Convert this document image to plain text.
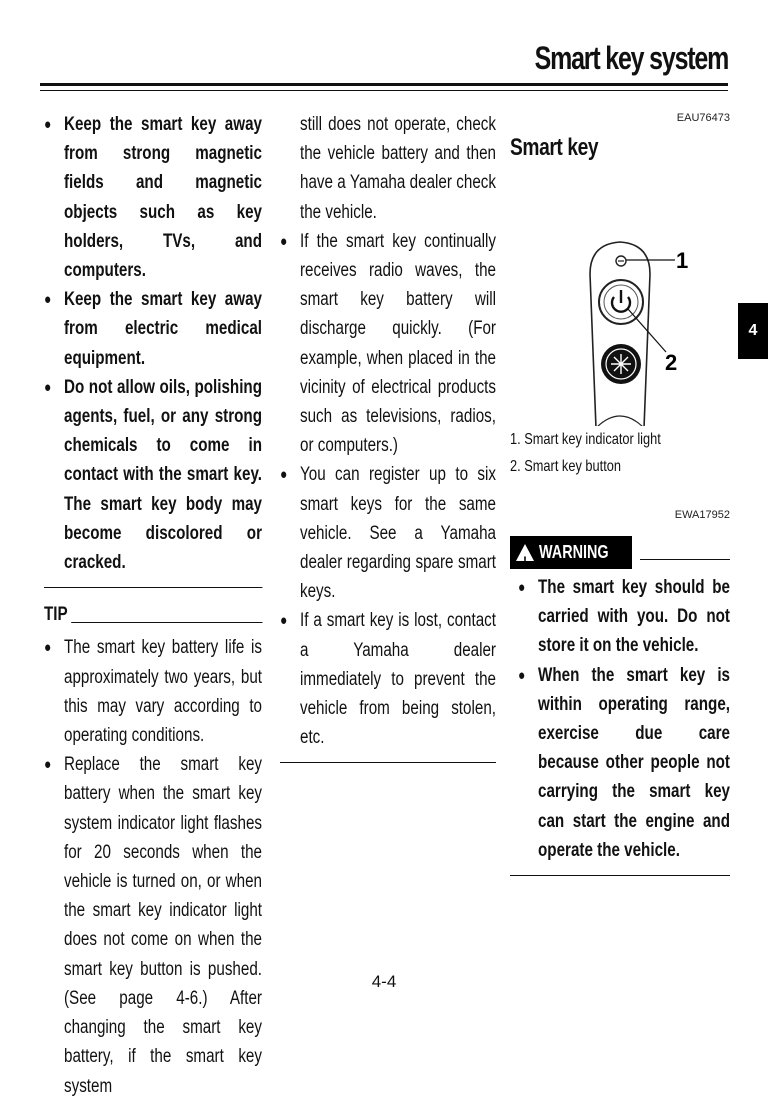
Smart key system
● Keep the smart key away from strong magnetic fields and magnetic objects such as key holders, TVs, and computers.
● Keep the smart key away from electric medical equipment.
● Do not allow oils, polishing agents, fuel, or any strong chemicals to come in contact with the smart key. The smart key body may become discolored or cracked.
TIP
● The smart key battery life is approximately two years, but this may vary according to operating conditions.
● Replace the smart key battery when the smart key system indicator light flashes for 20 seconds when the vehicle is turned on, or when the smart key indicator light does not come on when the smart key button is pushed. (See page 4-6.) After changing the smart key battery, if the smart key system
still does not operate, check the vehicle battery and then have a Yamaha dealer check the vehicle.
● If the smart key continually receives radio waves, the smart key battery will discharge quickly. (For example, when placed in the vicinity of electrical products such as televisions, radios, or computers.)
● You can register up to six smart keys for the same vehicle. See a Yamaha dealer regarding spare smart keys.
● If a smart key is lost, contact a Yamaha dealer immediately to prevent the vehicle from being stolen, etc.
EAU76473
Smart key
1
2
1. Smart key indicator light
2. Smart key button
EWA17952
! WARNING
● The smart key should be carried with you. Do not store it on the vehicle.
● When the smart key is within operating range, exercise due care because other people not carrying the smart key can start the engine and operate the vehicle.
4
4-4
